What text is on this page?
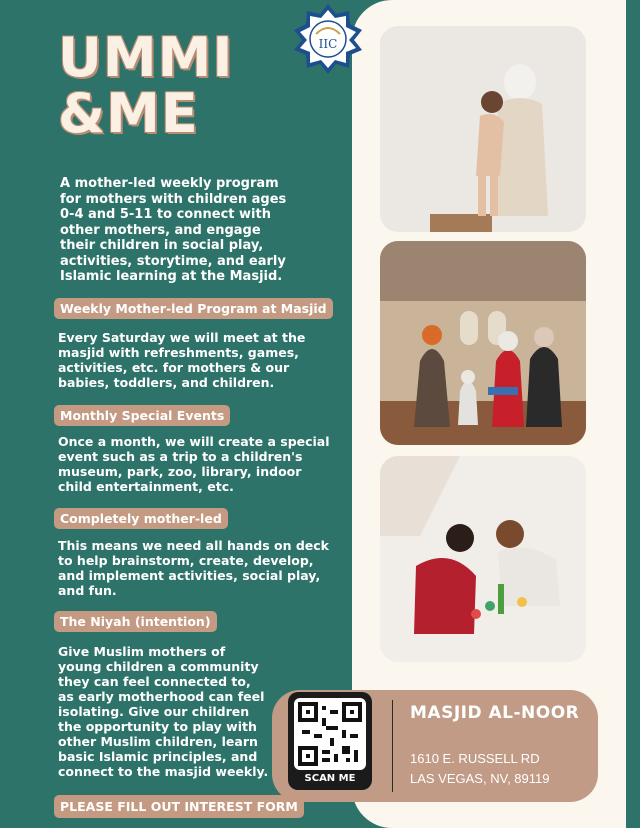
IIC
UMMI
&ME
A mother-led weekly program for mothers with children ages 0-4 and 5-11 to connect with other mothers, and engage their children in social play, activities, storytime, and early Islamic learning at the Masjid.
Weekly Mother-led Program at Masjid
Every Saturday we will meet at the masjid with refreshments, games, activities, etc. for mothers & our babies, toddlers, and children.
Monthly Special Events
Once a month, we will create a special event such as a trip to a children's museum, park, zoo, library, indoor child entertainment, etc.
Completely mother-led
This means we need all hands on deck to help brainstorm, create, develop, and implement activities, social play, and fun.
The Niyah (intention)
Give Muslim mothers of young children a community they can feel connected to, as early motherhood can feel isolating. Give our children the opportunity to play with other Muslim children, learn basic Islamic principles, and connect to the masjid weekly.	SCAN ME
MASJID AL-NOOR
1610 E. RUSSELL RD
LAS VEGAS, NV, 89119
PLEASE FILL OUT INTEREST FORM
